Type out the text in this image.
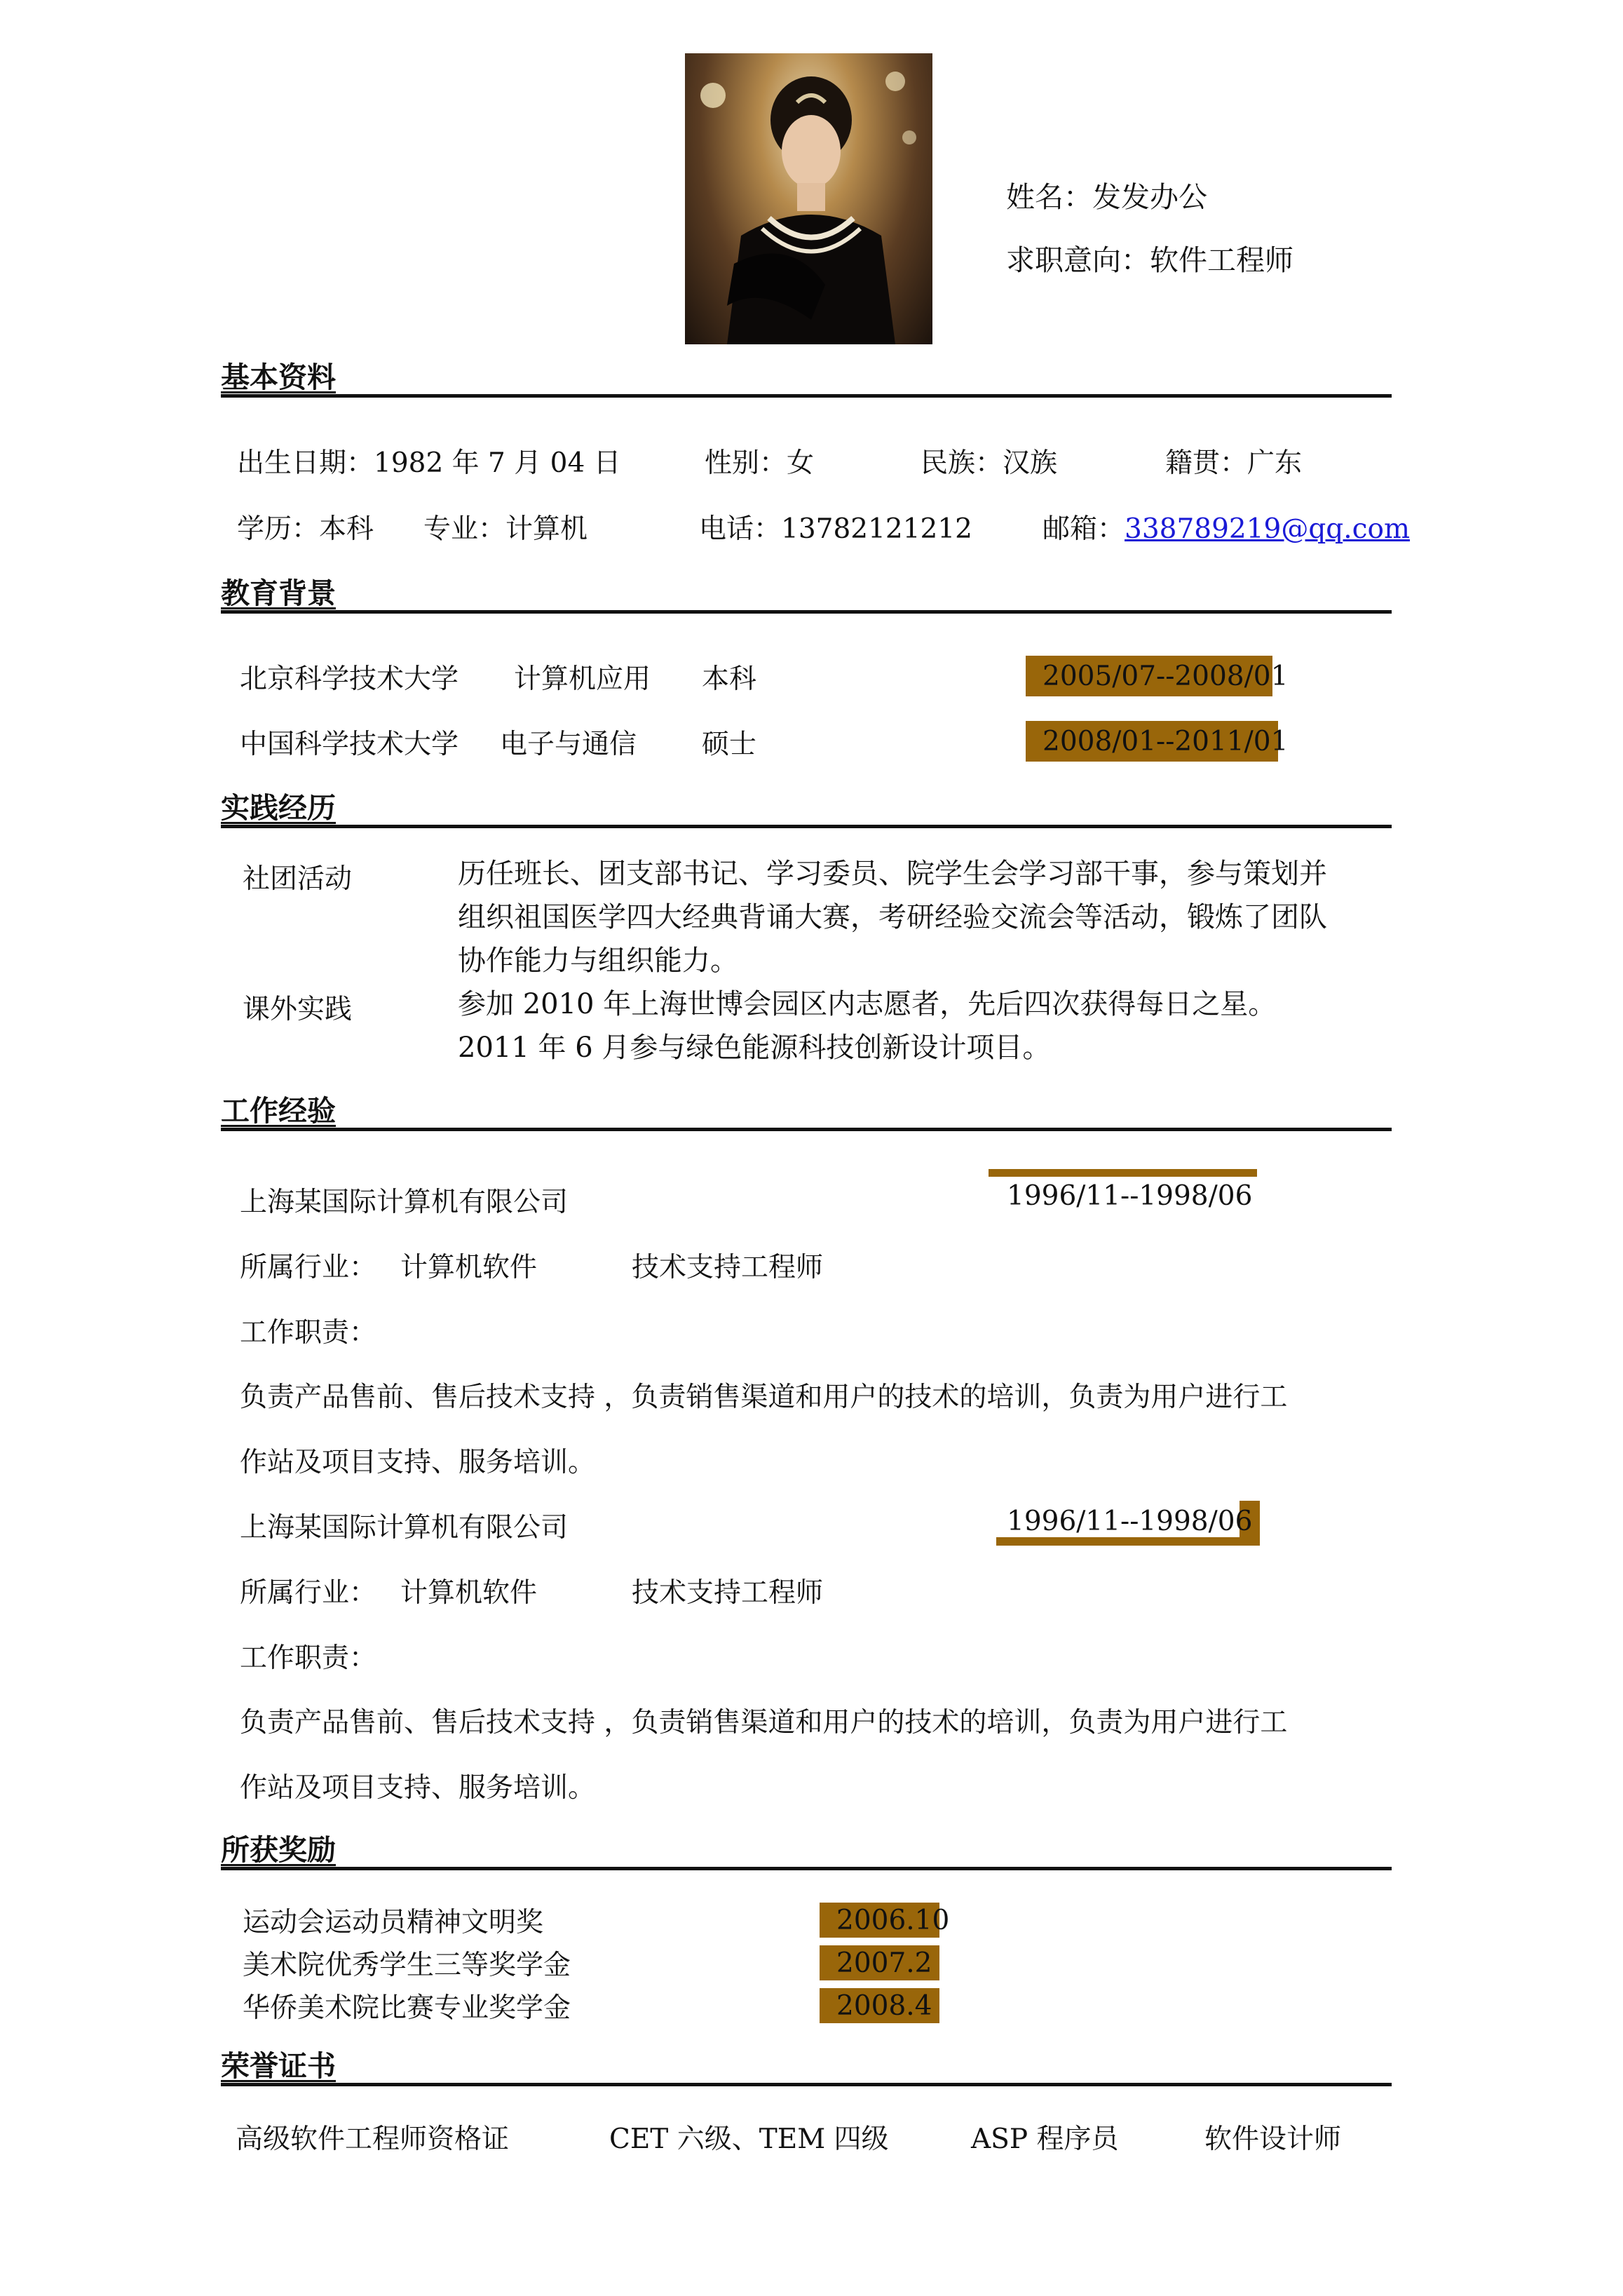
姓名：发发办公
求职意向：软件工程师
基本资料
出生日期：1982 年 7 月 04 日	性别：女	民族：汉族	籍贯：广东
学历：本科 专业：计算机	电话：13782121212	邮箱：338789219@qq.com
教育背景
北京科学技术大学 计算机应用 本科	2005/07--2008/01
中国科学技术大学 电子与通信 硕士	2008/01--2011/01
实践经历
社团活动	历任班长、团支部书记、学习委员、院学生会学习部干事，参与策划并
组织祖国医学四大经典背诵大赛，考研经验交流会等活动，锻炼了团队
协作能力与组织能力。
课外实践	参加 2010 年上海世博会园区内志愿者，先后四次获得每日之星。
2011 年 6 月参与绿色能源科技创新设计项目。
工作经验
上海某国际计算机有限公司	1996/11--1998/06
所属行业： 计算机软件	技术支持工程师
工作职责：
负责产品售前、售后技术支持 ，负责销售渠道和用户的技术的培训，负责为用户进行工
作站及项目支持、服务培训。
上海某国际计算机有限公司	1996/11--1998/06
所属行业： 计算机软件	技术支持工程师
工作职责：
负责产品售前、售后技术支持 ，负责销售渠道和用户的技术的培训，负责为用户进行工
作站及项目支持、服务培训。
所获奖励
运动会运动员精神文明奖	2006.10
美术院优秀学生三等奖学金	2007.2
华侨美术院比赛专业奖学金	2008.4
荣誉证书
高级软件工程师资格证	CET 六级、TEM 四级	ASP 程序员	软件设计师
